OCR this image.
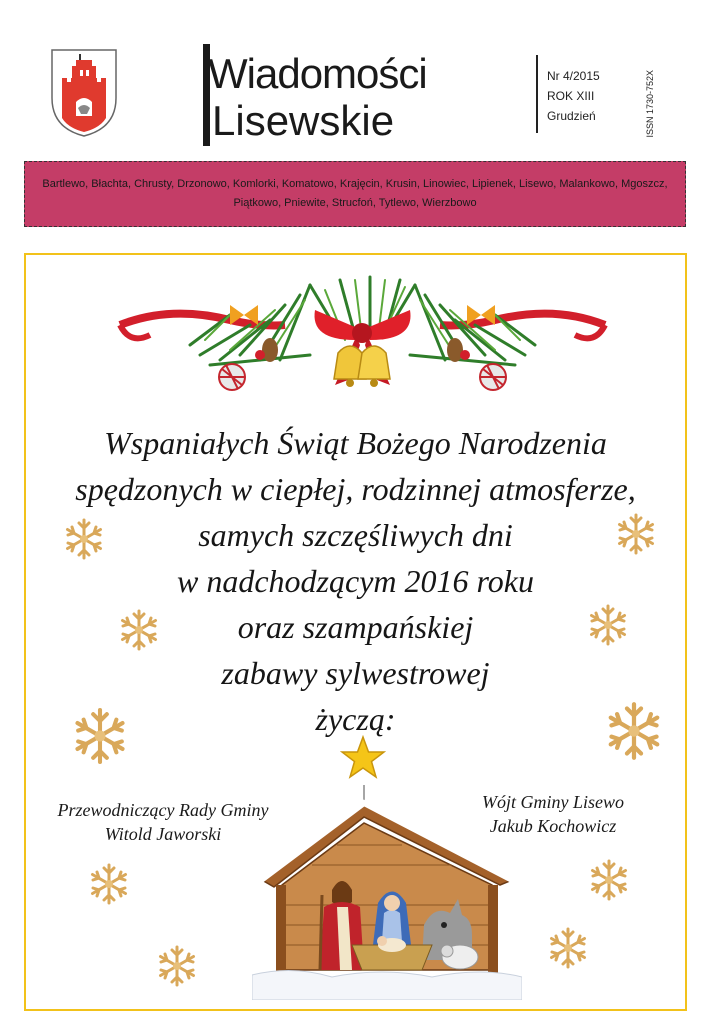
Wiadomości
Lisewskie
Nr 4/2015
ROK XIII
Grudzień	ISSN 1730-752X
Bartlewo, Błachta, Chrusty, Drzonowo, Komlorki, Komatowo, Krajęcin, Krusin, Linowiec, Lipienek, Lisewo, Malankowo, Mgoszcz, Piątkowo, Pniewite, Strucfoń, Tytlewo, Wierzbowo
Wspaniałych Świąt Bożego Narodzenia
spędzonych w ciepłej, rodzinnej atmosferze,
samych szczęśliwych dni
w nadchodzącym 2016 roku
oraz szampańskiej
zabawy sylwestrowej
życzą:
Przewodniczący Rady Gminy
Witold Jaworski
Wójt Gminy Lisewo
Jakub Kochowicz
